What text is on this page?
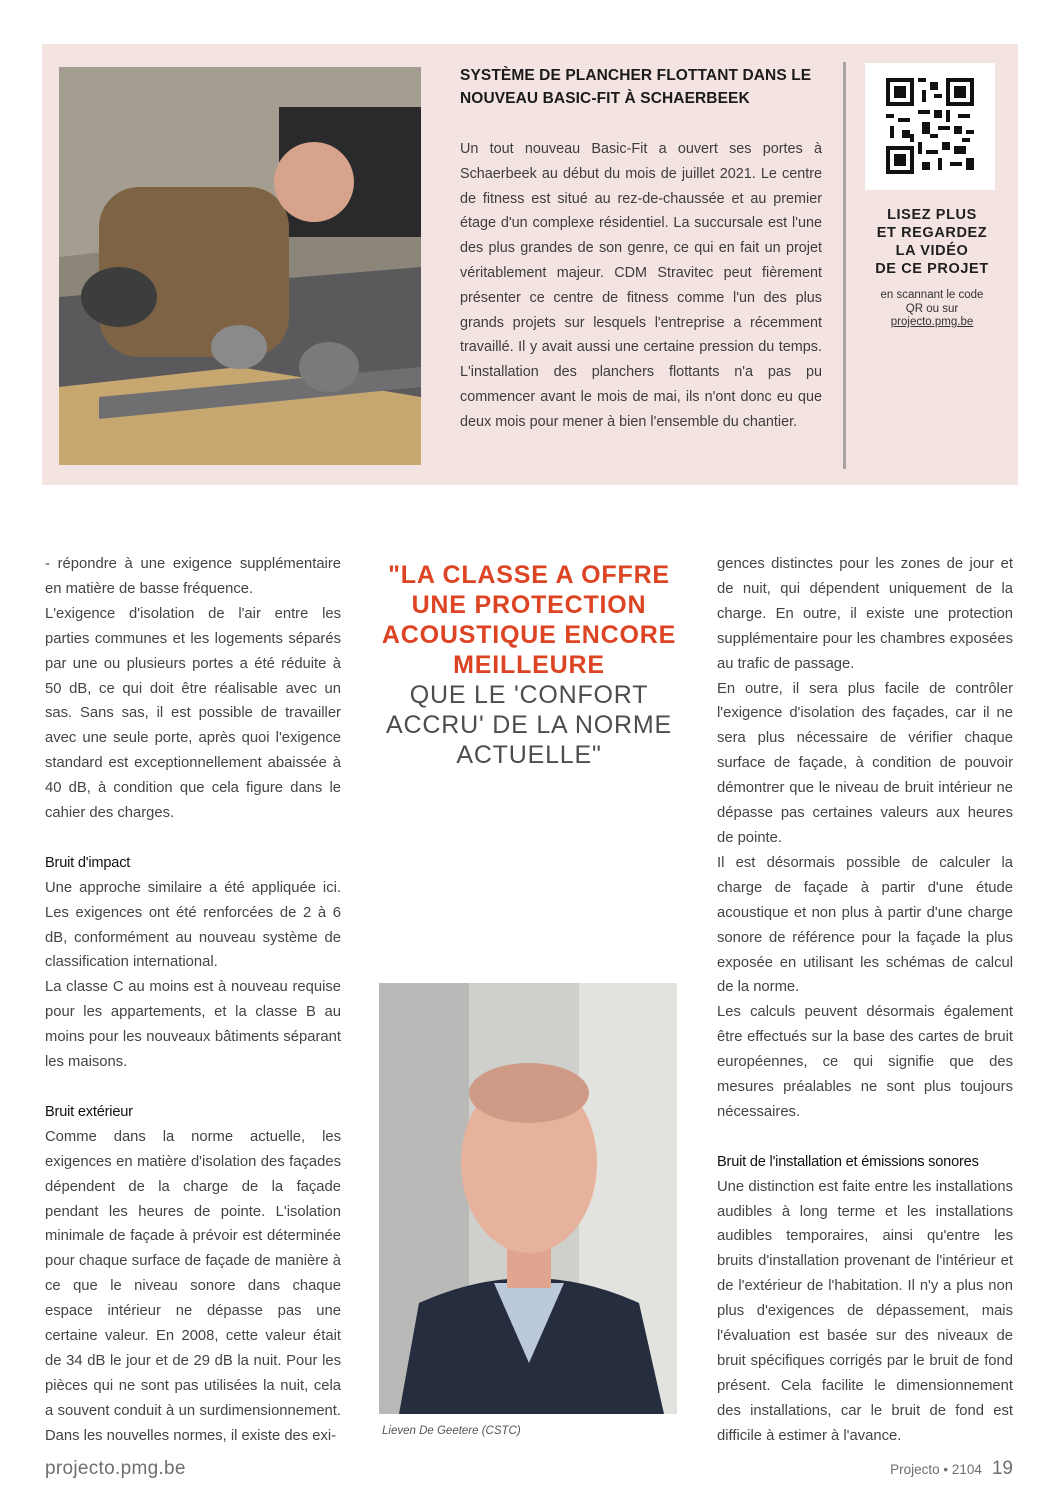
SYSTÈME DE PLANCHER FLOTTANT DANS LE
NOUVEAU BASIC-FIT À SCHAERBEEK

Un tout nouveau Basic-Fit a ouvert ses portes à Schaerbeek au début du mois de juillet 2021. Le centre de fitness est situé au rez-de-chaussée et au premier étage d'un complexe résidentiel. La succursale est l'une des plus grandes de son genre, ce qui en fait un projet véritablement majeur. CDM Stravitec peut fièrement présenter ce centre de fitness comme l'un des plus grands projets sur lesquels l'entreprise a récemment travaillé. Il y avait aussi une certaine pression du temps. L'installation des planchers flottants n'a pas pu commencer avant le mois de mai, ils n'ont donc eu que deux mois pour mener à bien l'ensemble du chantier.

LISEZ PLUS
ET REGARDEZ
LA VIDÉO
DE CE PROJET
en scannant le code
QR ou sur
projecto.pmg.be

- répondre à une exigence supplémentaire en matière de basse fréquence.

L'exigence d'isolation de l'air entre les parties communes et les logements séparés par une ou plusieurs portes a été réduite à 50 dB, ce qui doit être réalisable avec un sas. Sans sas, il est possible de travailler avec une seule porte, après quoi l'exigence standard est exceptionnellement abaissée à 40 dB, à condition que cela figure dans le cahier des charges.

Bruit d'impact

Une approche similaire a été appliquée ici. Les exigences ont été renforcées de 2 à 6 dB, conformément au nouveau système de classification international.

La classe C au moins est à nouveau requise pour les appartements, et la classe B au moins pour les nouveaux bâtiments séparant les maisons.

Bruit extérieur

Comme dans la norme actuelle, les exigences en matière d'isolation des façades dépendent de la charge de la façade pendant les heures de pointe. L'isolation minimale de façade à prévoir est déterminée pour chaque surface de façade de manière à ce que le niveau sonore dans chaque espace intérieur ne dépasse pas une certaine valeur. En 2008, cette valeur était de 34 dB le jour et de 29 dB la nuit. Pour les pièces qui ne sont pas utilisées la nuit, cela a souvent conduit à un surdimensionnement. Dans les nouvelles normes, il existe des exi-

"LA CLASSE A OFFRE UNE PROTECTION ACOUSTIQUE ENCORE MEILLEURE
QUE LE 'CONFORT ACCRU' DE LA NORME ACTUELLE"
Lieven De Geetere (CSTC)

gences distinctes pour les zones de jour et de nuit, qui dépendent uniquement de la charge. En outre, il existe une protection supplémentaire pour les chambres exposées au trafic de passage.

En outre, il sera plus facile de contrôler l'exigence d'isolation des façades, car il ne sera plus nécessaire de vérifier chaque surface de façade, à condition de pouvoir démontrer que le niveau de bruit intérieur ne dépasse pas certaines valeurs aux heures de pointe.

Il est désormais possible de calculer la charge de façade à partir d'une étude acoustique et non plus à partir d'une charge sonore de référence pour la façade la plus exposée en utilisant les schémas de calcul de la norme.

Les calculs peuvent désormais également être effectués sur la base des cartes de bruit européennes, ce qui signifie que des mesures préalables ne sont plus toujours nécessaires.

Bruit de l'installation et émissions sonores

Une distinction est faite entre les installations audibles à long terme et les installations audibles temporaires, ainsi qu'entre les bruits d'installation provenant de l'intérieur et de l'extérieur de l'habitation. Il n'y a plus non plus d'exigences de dépassement, mais l'évaluation est basée sur des niveaux de bruit spécifiques corrigés par le bruit de fond présent. Cela facilite le dimensionnement des installations, car le bruit de fond est difficile à estimer à l'avance.

projecto.pmg.be	Projecto • 2104 19
